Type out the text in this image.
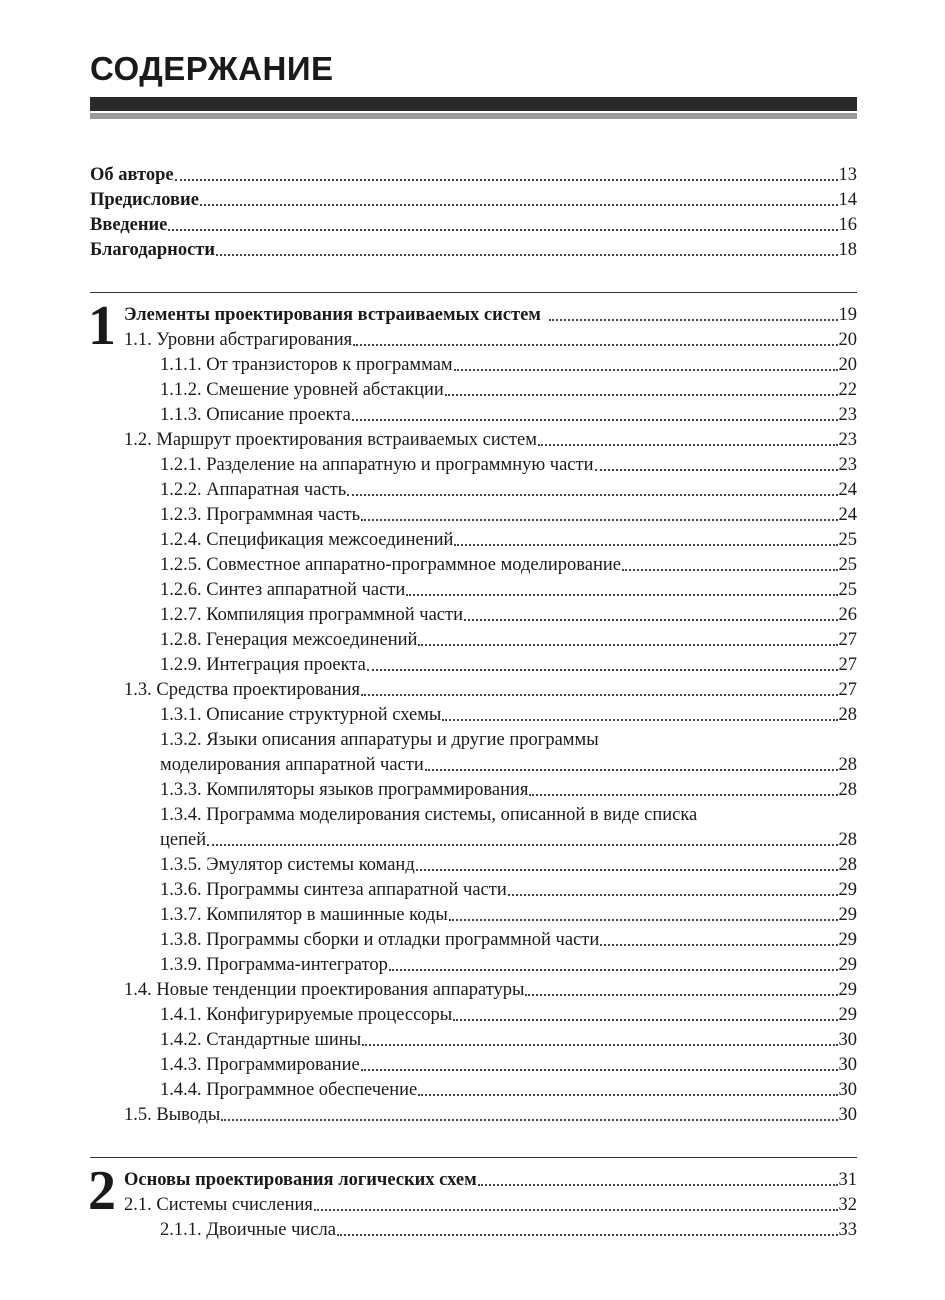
СОДЕРЖАНИЕ
Об авторе	13
Предисловие	14
Введение	16
Благодарности	18
1 Элементы проектирования встраиваемых систем	19
1.1. Уровни абстрагирования	20
1.1.1. От транзисторов к программам	20
1.1.2. Смешение уровней абстакции	22
1.1.3. Описание проекта	23
1.2. Маршрут проектирования встраиваемых систем	23
1.2.1. Разделение на аппаратную и программную части	23
1.2.2. Аппаратная часть	24
1.2.3. Программная часть	24
1.2.4. Спецификация межсоединений	25
1.2.5. Совместное аппаратно-программное моделирование	25
1.2.6. Синтез аппаратной части	25
1.2.7. Компиляция программной части	26
1.2.8. Генерация межсоединений	27
1.2.9. Интеграция проекта	27
1.3. Средства проектирования	27
1.3.1. Описание структурной схемы	28
1.3.2. Языки описания аппаратуры и другие программы
моделирования аппаратной части	28
1.3.3. Компиляторы языков программирования	28
1.3.4. Программа моделирования системы, описанной в виде списка
цепей	28
1.3.5. Эмулятор системы команд	28
1.3.6. Программы синтеза аппаратной части	29
1.3.7. Компилятор в машинные коды	29
1.3.8. Программы сборки и отладки программной части	29
1.3.9. Программа-интегратор	29
1.4. Новые тенденции проектирования аппаратуры	29
1.4.1. Конфигурируемые процессоры	29
1.4.2. Стандартные шины	30
1.4.3. Программирование	30
1.4.4. Программное обеспечение	30
1.5. Выводы	30
2 Основы проектирования логических схем	31
2.1. Системы счисления	32
2.1.1. Двоичные числа	33
